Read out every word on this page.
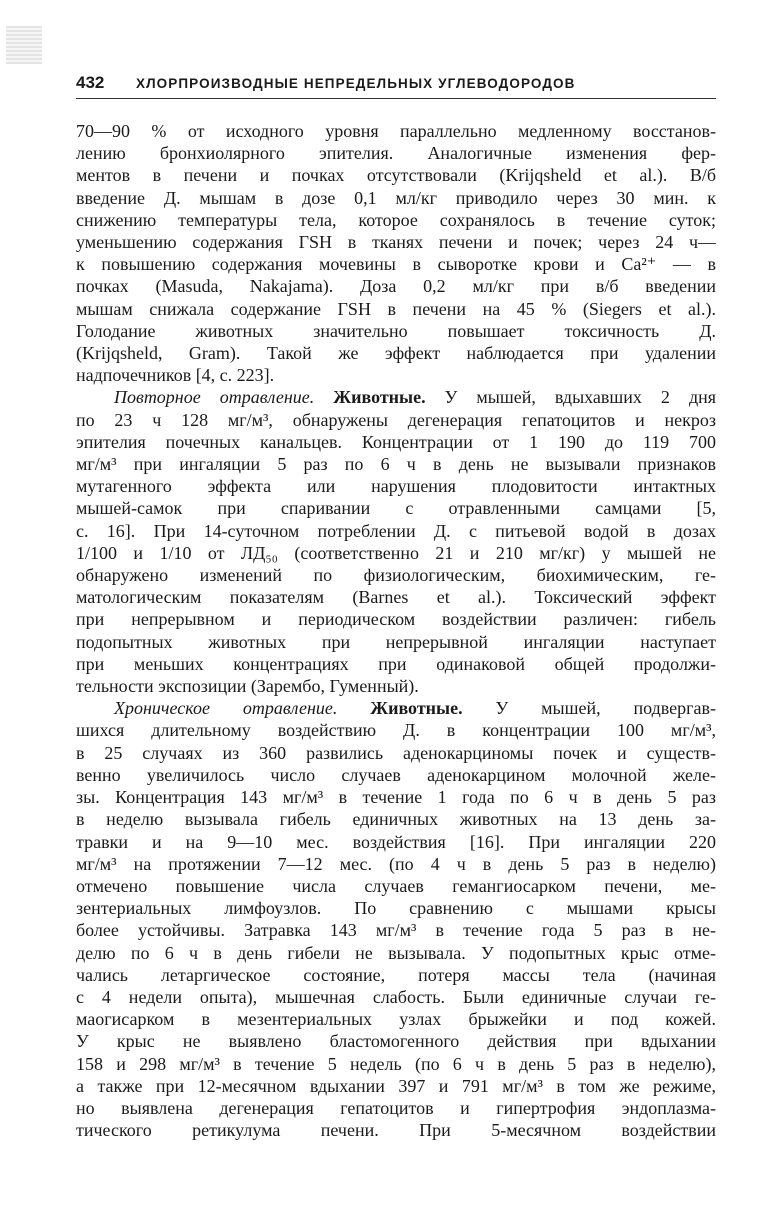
432	ХЛОРПРОИЗВОДНЫЕ НЕПРЕДЕЛЬНЫХ УГЛЕВОДОРОДОВ
70—90 % от исходного уровня параллельно медленному восстанов-
лению бронхиолярного эпителия. Аналогичные изменения фер-
ментов в печени и почках отсутствовали (Krijqsheld et al.). В/б
введение Д. мышам в дозе 0,1 мл/кг приводило через 30 мин. к
снижению температуры тела, которое сохранялось в течение суток;
уменьшению содержания ГSH в тканях печени и почек; через 24 ч—
к повышению содержания мочевины в сыворотке крови и Са²⁺ — в
почках (Masuda, Nakajama). Доза 0,2 мл/кг при в/б введении
мышам снижала содержание ГSH в печени на 45 % (Siegers et al.).
Голодание животных значительно повышает токсичность Д.
(Krijqsheld, Gram). Такой же эффект наблюдается при удалении
надпочечников [4, с. 223].
Повторное отравление. Животные. У мышей, вдыхавших 2 дня
по 23 ч 128 мг/м³, обнаружены дегенерация гепатоцитов и некроз
эпителия почечных канальцев. Концентрации от 1 190 до 119 700
мг/м³ при ингаляции 5 раз по 6 ч в день не вызывали признаков
мутагенного эффекта или нарушения плодовитости интактных
мышей-самок при спаривании с отравленными самцами [5,
с. 16]. При 14-суточном потреблении Д. с питьевой водой в дозах
1/100 и 1/10 от ЛД₅₀ (соответственно 21 и 210 мг/кг) у мышей не
обнаружено изменений по физиологическим, биохимическим, ге-
матологическим показателям (Barnes et al.). Токсический эффект
при непрерывном и периодическом воздействии различен: гибель
подопытных животных при непрерывной ингаляции наступает
при меньших концентрациях при одинаковой общей продолжи-
тельности экспозиции (Зарембо, Гуменный).
Хроническое отравление. Животные. У мышей, подвергав-
шихся длительному воздействию Д. в концентрации 100 мг/м³,
в 25 случаях из 360 развились аденокарциномы почек и существ-
венно увеличилось число случаев аденокарцином молочной желе-
зы. Концентрация 143 мг/м³ в течение 1 года по 6 ч в день 5 раз
в неделю вызывала гибель единичных животных на 13 день за-
травки и на 9—10 мес. воздействия [16]. При ингаляции 220
мг/м³ на протяжении 7—12 мес. (по 4 ч в день 5 раз в неделю)
отмечено повышение числа случаев гемангиосарком печени, ме-
зентериальных лимфоузлов. По сравнению с мышами крысы
более устойчивы. Затравка 143 мг/м³ в течение года 5 раз в не-
делю по 6 ч в день гибели не вызывала. У подопытных крыс отме-
чались летаргическое состояние, потеря массы тела (начиная
с 4 недели опыта), мышечная слабость. Были единичные случаи ге-
маогисарком в мезентериальных узлах брыжейки и под кожей.
У крыс не выявлено бластомогенного действия при вдыхании
158 и 298 мг/м³ в течение 5 недель (по 6 ч в день 5 раз в неделю),
а также при 12-месячном вдыхании 397 и 791 мг/м³ в том же режиме,
но выявлена дегенерация гепатоцитов и гипертрофия эндоплазма-
тического ретикулума печени. При 5-месячном воздействии
